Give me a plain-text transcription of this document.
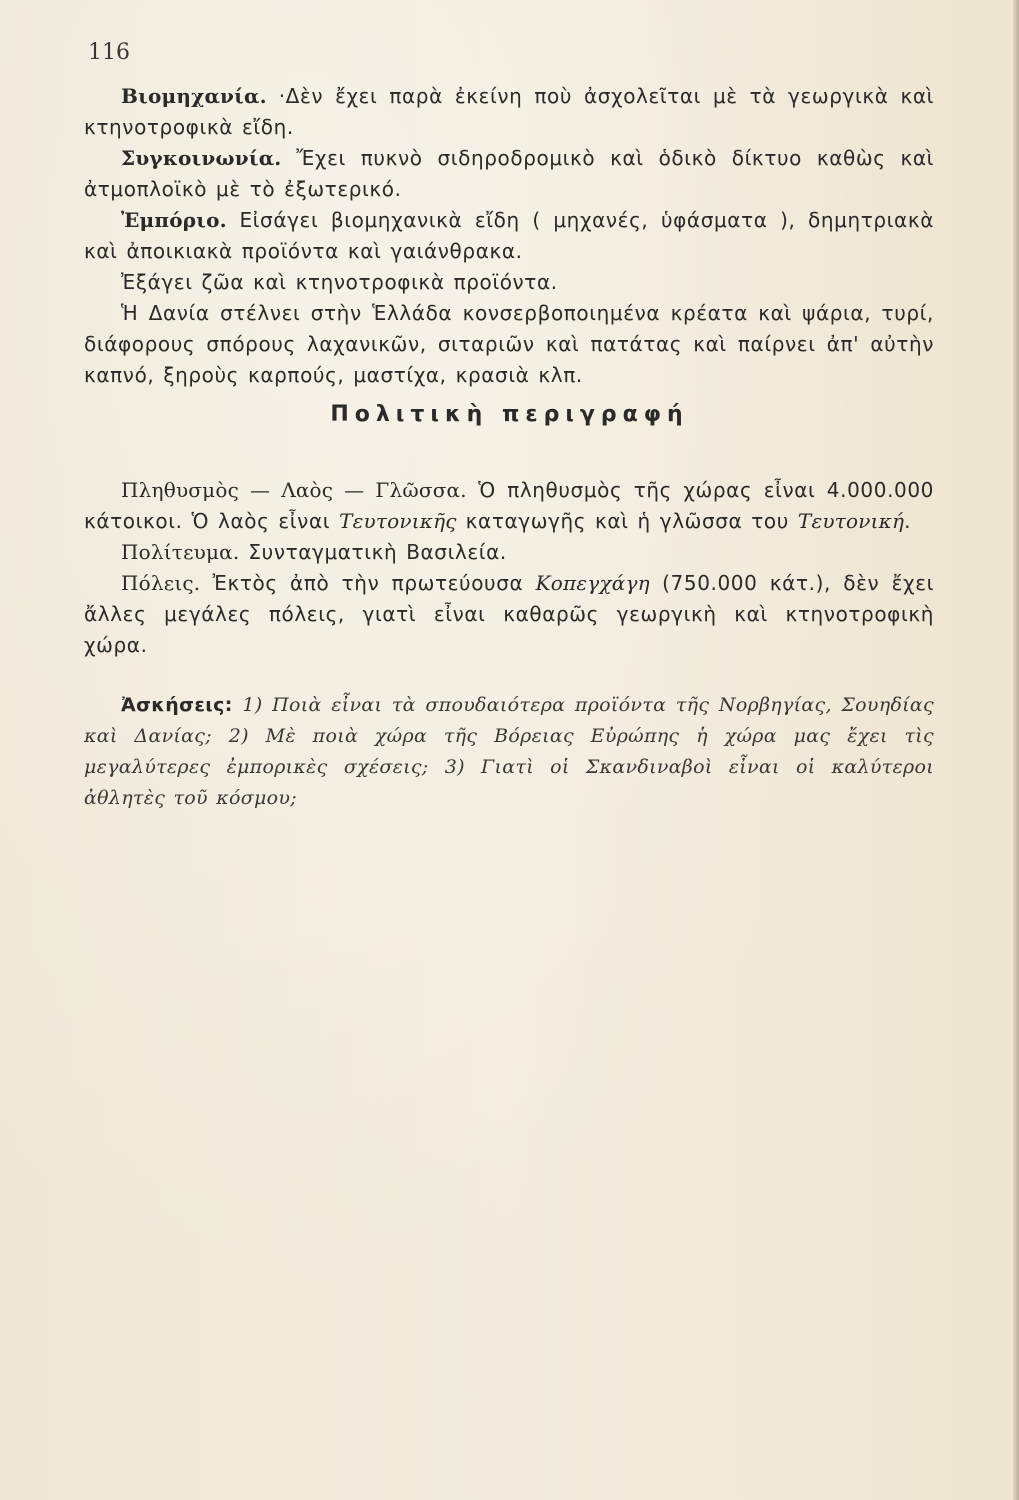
116

Βιομηχανία. ·Δὲν ἔχει παρὰ ἐκείνη ποὺ ἀσχολεῖται μὲ τὰ γεωργικὰ καὶ κτηνοτροφικὰ εἴδη.

Συγκοινωνία. Ἔχει πυκνὸ σιδηροδρομικὸ καὶ ὁδικὸ δίκτυο καθὼς καὶ ἀτμοπλοϊκὸ μὲ τὸ ἐξωτερικό.

Ἐμπόριο. Εἰσάγει βιομηχανικὰ εἴδη ( μηχανές, ὑφάσματα ), δημητριακὰ καὶ ἀποικιακὰ προϊόντα καὶ γαιάνθρακα.

Ἐξάγει ζῶα καὶ κτηνοτροφικὰ προϊόντα.

Ἡ Δανία στέλνει στὴν Ἑλλάδα κονσερβοποιημένα κρέατα καὶ ψάρια, τυρί, διάφορους σπόρους λαχανικῶν, σιταριῶν καὶ πατάτας καὶ παίρνει ἀπ' αὐτὴν καπνό, ξηροὺς καρπούς, μαστίχα, κρασιὰ κλπ.

Πολιτικὴ περιγραφή

Πληθυσμὸς — Λαὸς — Γλῶσσα. Ὁ πληθυσμὸς τῆς χώρας εἶναι 4.000.000 κάτοικοι. Ὁ λαὸς εἶναι Τευτονικῆς καταγωγῆς καὶ ἡ γλῶσσα του Τευτονική.

Πολίτευμα. Συνταγματικὴ Βασιλεία.

Πόλεις. Ἐκτὸς ἀπὸ τὴν πρωτεύουσα Κοπεγχάγη (750.000 κάτ.), δὲν ἔχει ἄλλες μεγάλες πόλεις, γιατὶ εἶναι καθαρῶς γεωργικὴ καὶ κτηνοτροφικὴ χώρα.

Ἀσκήσεις: 1) Ποιὰ εἶναι τὰ σπουδαιότερα προϊόντα τῆς Νορβηγίας, Σουηδίας καὶ Δανίας; 2) Μὲ ποιὰ χώρα τῆς Βόρειας Εὐρώπης ἡ χώρα μας ἔχει τὶς μεγαλύτερες ἐμπορικὲς σχέσεις; 3) Γιατὶ οἱ Σκανδιναβοὶ εἶναι οἱ καλύτεροι ἀθλητὲς τοῦ κόσμου;
